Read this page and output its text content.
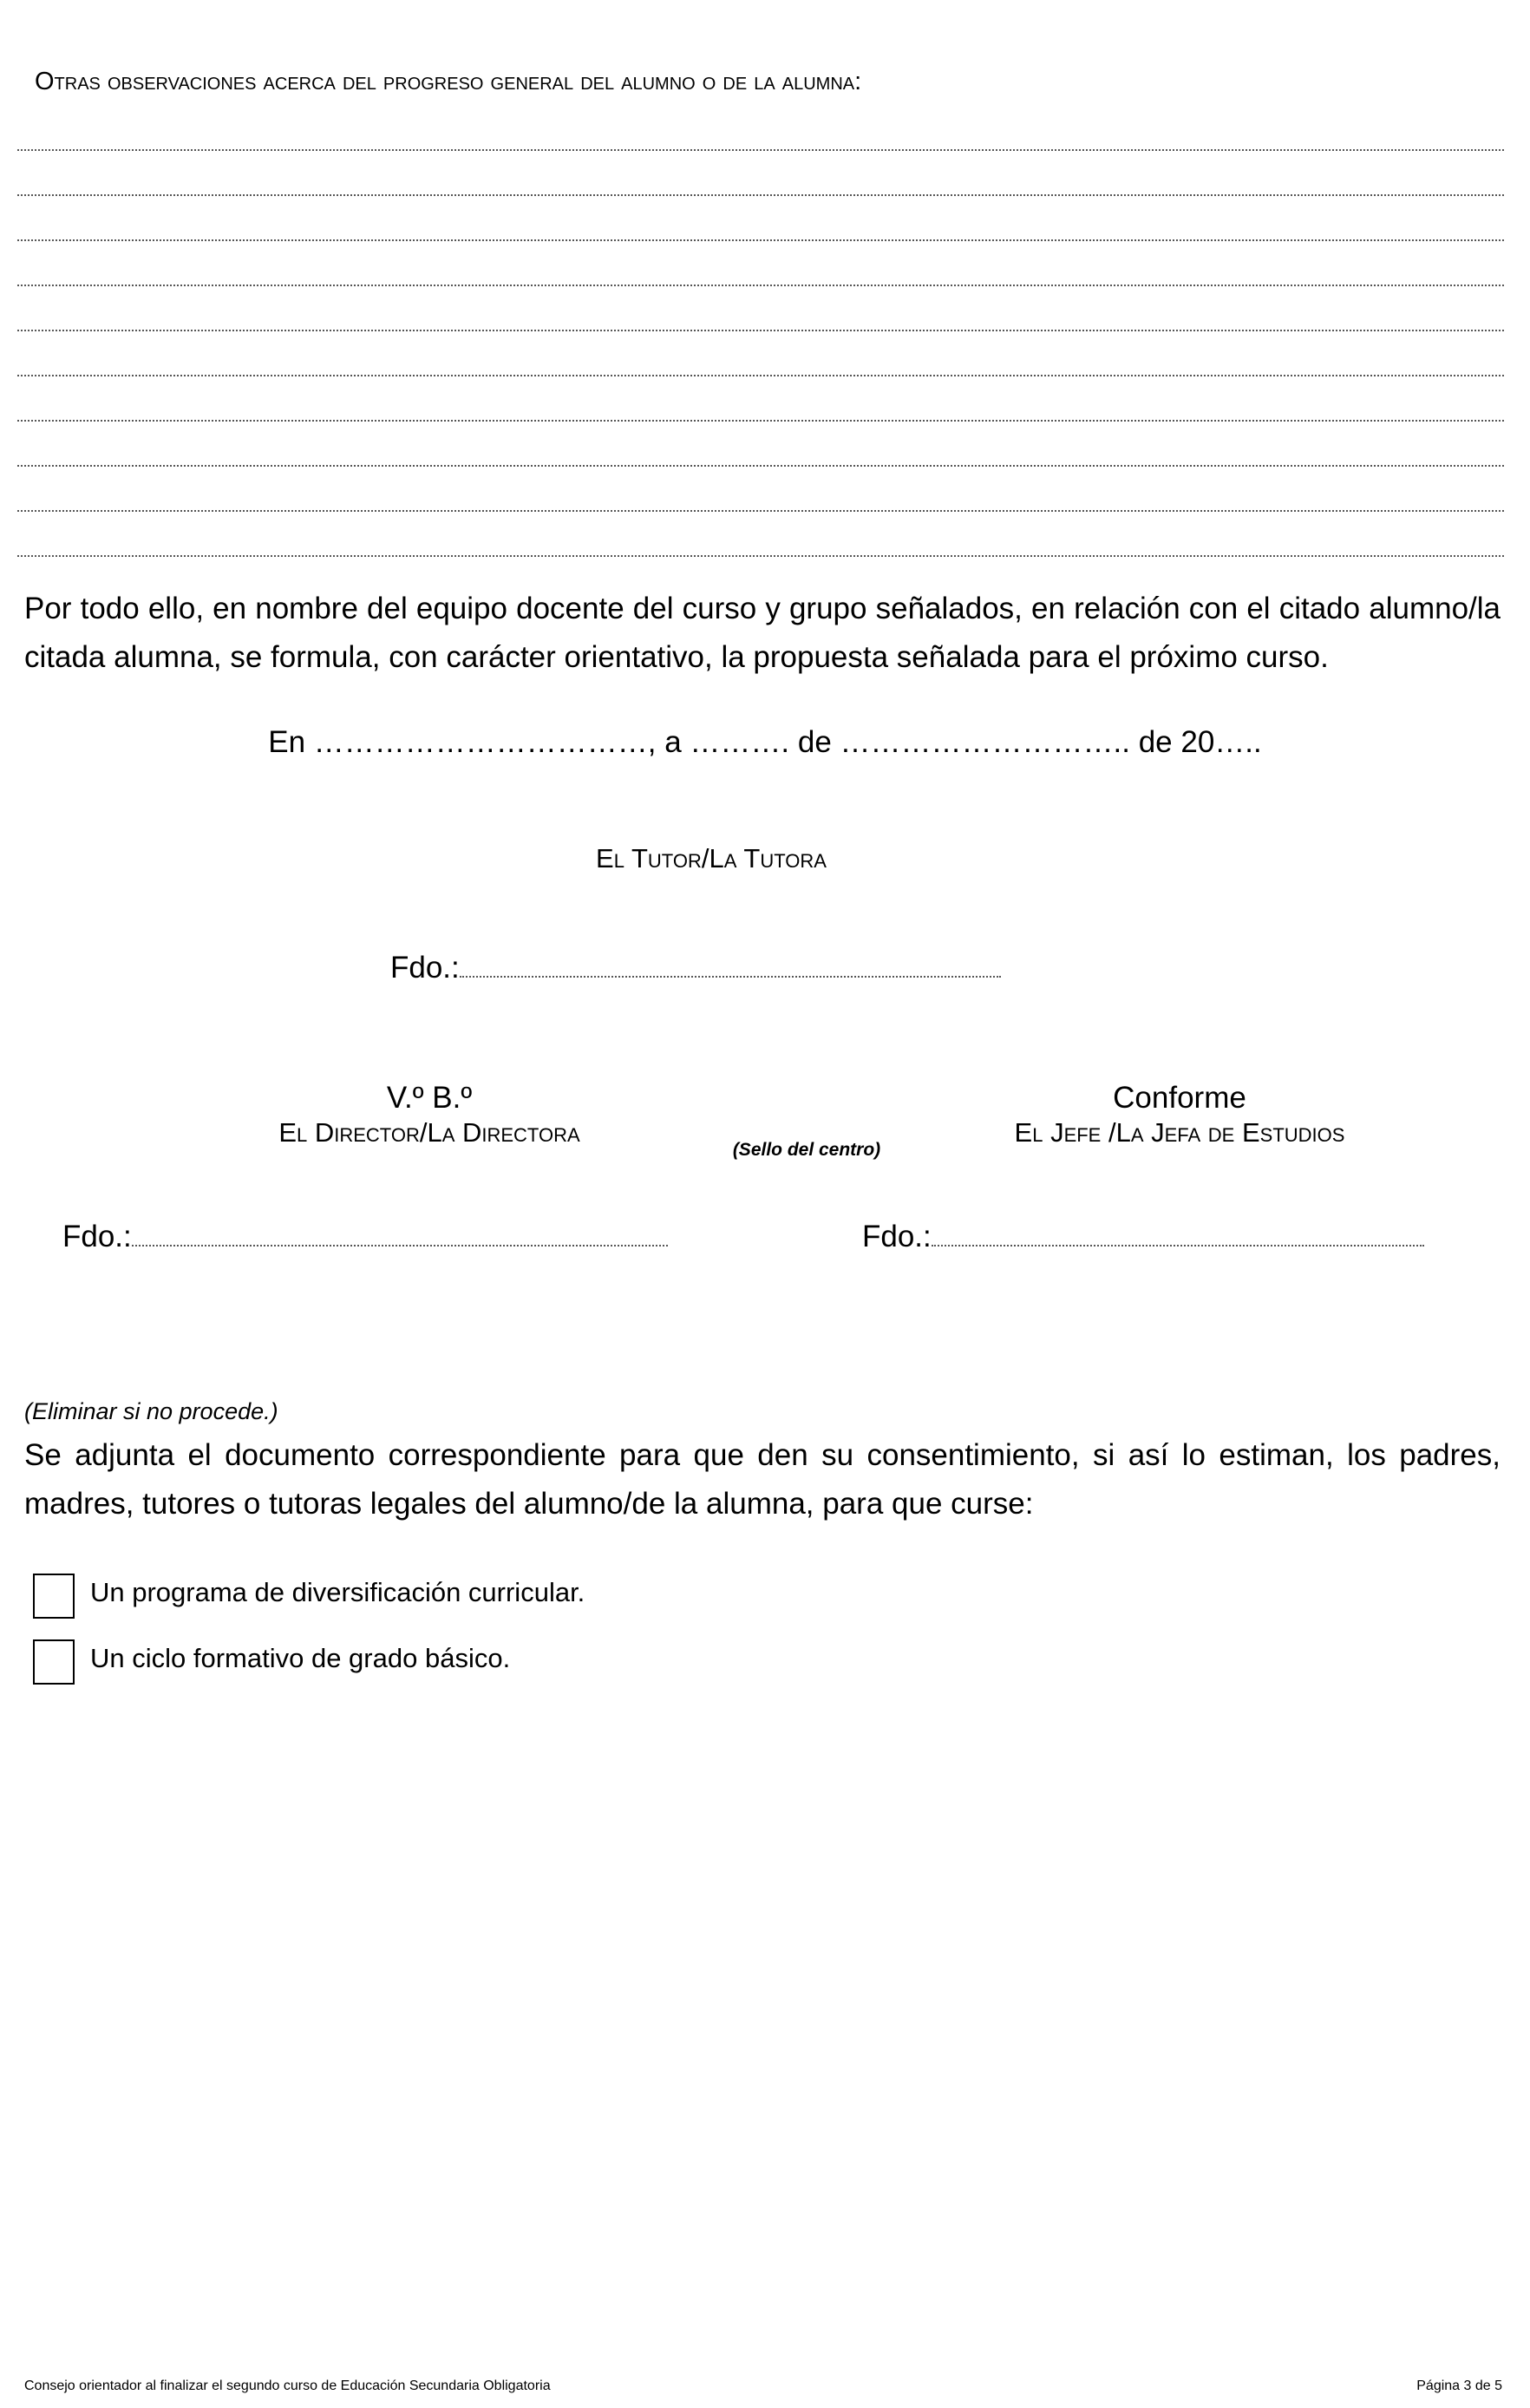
Otras observaciones acerca del progreso general del alumno o de la alumna:
Por todo ello, en nombre del equipo docente del curso y grupo señalados, en relación con el citado alumno/la citada alumna, se formula, con carácter orientativo, la propuesta señalada para el próximo curso.
En ……………………………, a ………. de ……………………….. de 20…..
El Tutor/La Tutora
Fdo.:
V.º B.º
El Director/La Directora
(Sello del centro)
Conforme
El Jefe /La Jefa de Estudios
Fdo.:	Fdo.:
(Eliminar si no procede.)
Se adjunta el documento correspondiente para que den su consentimiento, si así lo estiman, los padres, madres, tutores o tutoras legales del alumno/de la alumna, para que curse:
Un programa de diversificación curricular.
Un ciclo formativo de grado básico.
Consejo orientador al finalizar el segundo curso de Educación Secundaria Obligatoria	Página 3 de 5
